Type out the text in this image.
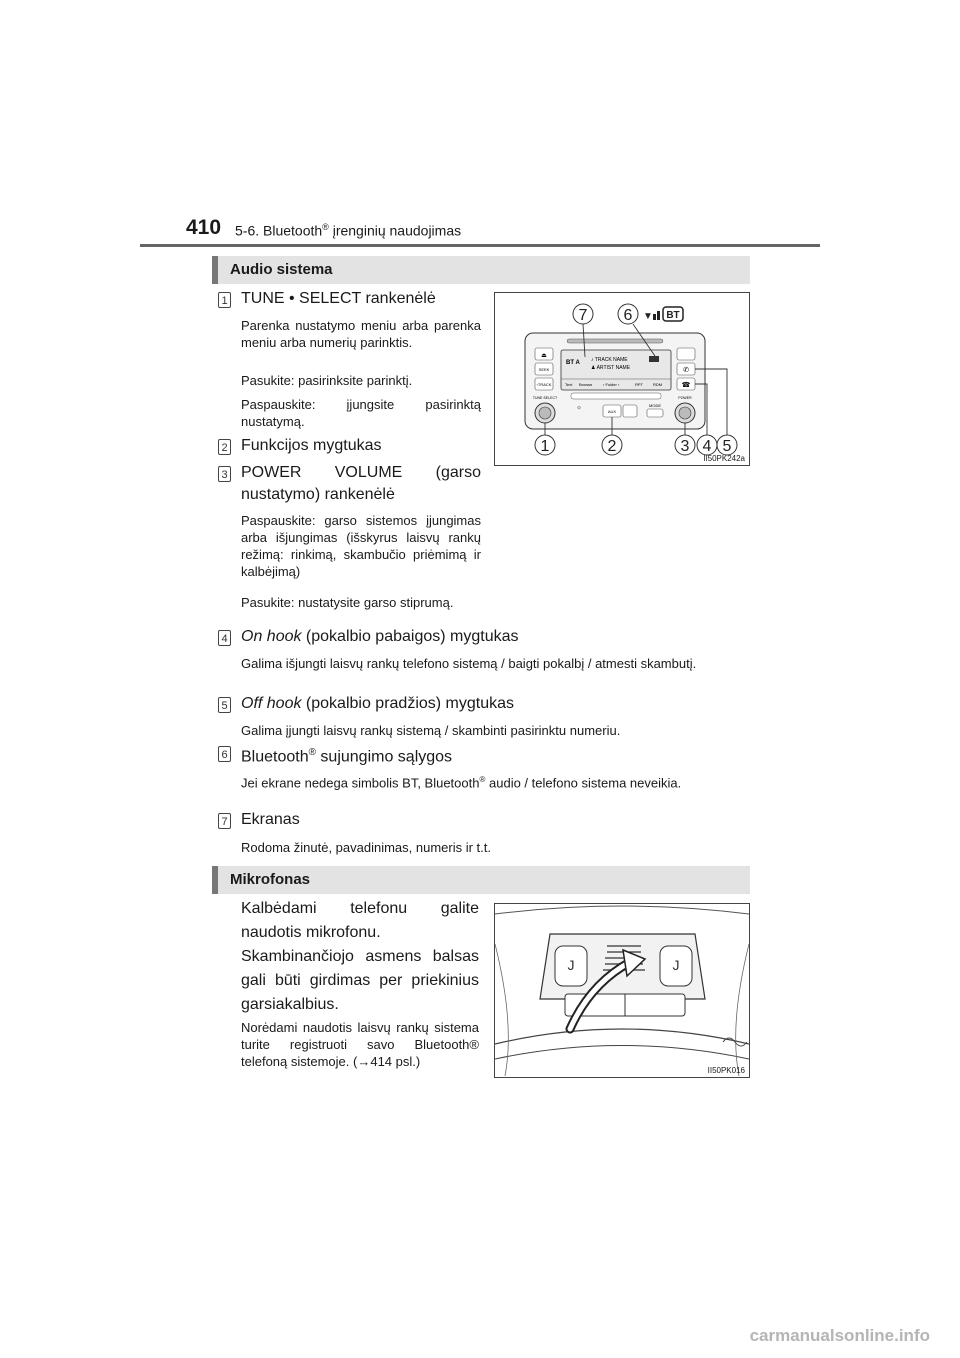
410 5-6. Bluetooth® įrenginių naudojimas
Audio sistema
1 TUNE • SELECT rankenėlė
Parenka nustatymo meniu arba parenka meniu arba numerių parinktis.
Pasukite: pasirinksite parinktį.
Paspauskite: įjungsite pasirinktą nustatymą.
2 Funkcijos mygtukas
3 POWER VOLUME (garso nustatymo) rankenėlė
Paspauskite: garso sistemos įjungimas arba išjungimas (išskyrus laisvų rankų režimą: rinkimą, skambučio priėmimą ir kalbėjimą)
Pasukite: nustatysite garso stiprumą.
4 On hook (pokalbio pabaigos) mygtukas
Galima išjungti laisvų rankų telefono sistemą / baigti pokalbį / atmesti skambutį.
5 Off hook (pokalbio pradžios) mygtukas
Galima įjungti laisvų rankų sistemą / skambinti pasirinktu numeriu.
6 Bluetooth® sujungimo sąlygos
Jei ekrane nedega simbolis BT, Bluetooth® audio / telefono sistema neveikia.
7 Ekranas
Rodoma žinutė, pavadinimas, numeris ir t.t.
Mikrofonas
Kalbėdami telefonu galite naudotis mikrofonu.
Skambinančiojo asmens balsas gali būti girdimas per priekinius garsiakalbius.
Norėdami naudotis laisvų rankų sistema turite registruoti savo Bluetooth® telefoną sistemoje. (→414 psl.)
⏏
SEEK
‹TRACK
BT A ♪ TRACK NAME
♟ ARTIST NAME
Text Browse	‹ Folder ›	RPT	RDM
✆
☎
TUNE·SELECT	POWER
AUX
MODE
☼
1	2	3 4 5
6
7	▼ BT
II50PK242a
J	J
II50PK016
carmanualsonline.info
